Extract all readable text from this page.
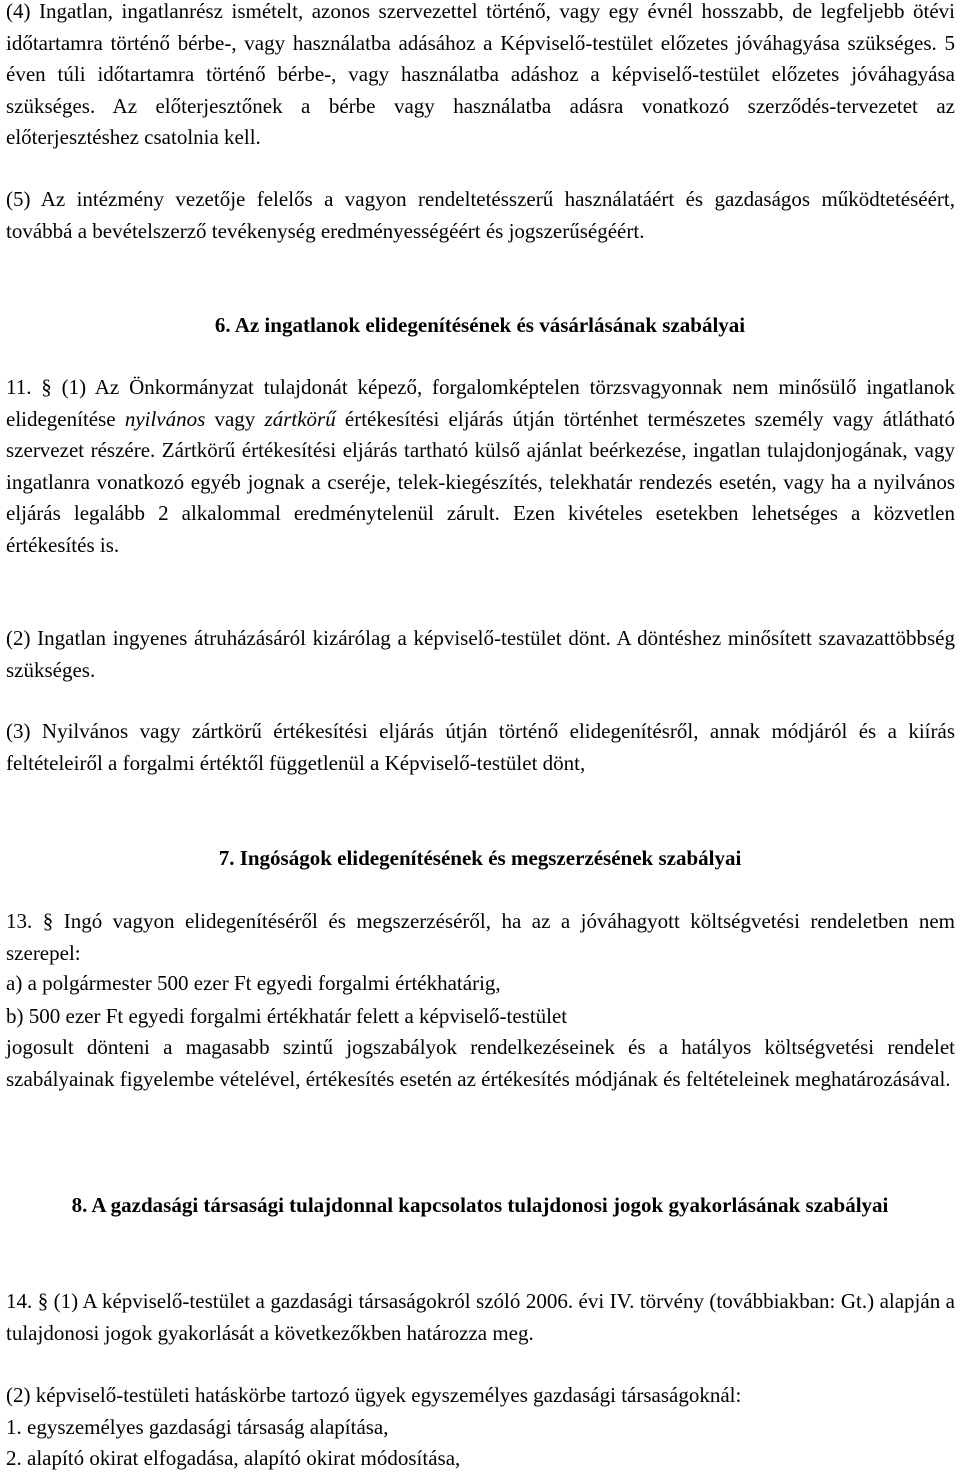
(4) Ingatlan, ingatlanrész ismételt, azonos szervezettel történő, vagy egy évnél hosszabb, de legfeljebb ötévi időtartamra történő bérbe-, vagy használatba adásához a Képviselő-testület előzetes jóváhagyása szükséges. 5 éven túli időtartamra történő bérbe-, vagy használatba adáshoz a képviselő-testület előzetes jóváhagyása szükséges. Az előterjesztőnek a bérbe vagy használatba adásra vonatkozó szerződés-tervezetet az előterjesztéshez csatolnia kell.

(5) Az intézmény vezetője felelős a vagyon rendeltetésszerű használatáért és gazdaságos működtetéséért, továbbá a bevételszerző tevékenység eredményességéért és jogszerűségéért.

6. Az ingatlanok elidegenítésének és vásárlásának szabályai

11. § (1) Az Önkormányzat tulajdonát képező, forgalomképtelen törzsvagyonnak nem minősülő ingatlanok elidegenítése nyilvános vagy zártkörű értékesítési eljárás útján történhet természetes személy vagy átlátható szervezet részére. Zártkörű értékesítési eljárás tartható külső ajánlat beérkezése, ingatlan tulajdonjogának, vagy ingatlanra vonatkozó egyéb jognak a cseréje, telek-kiegészítés, telekhatár rendezés esetén, vagy ha a nyilvános eljárás legalább 2 alkalommal eredménytelenül zárult. Ezen kivételes esetekben lehetséges a közvetlen értékesítés is.

(2) Ingatlan ingyenes átruházásáról kizárólag a képviselő-testület dönt. A döntéshez minősített szavazattöbbség szükséges.

(3) Nyilvános vagy zártkörű értékesítési eljárás útján történő elidegenítésről, annak módjáról és a kiírás feltételeiről a forgalmi értéktől függetlenül a Képviselő-testület dönt,

7. Ingóságok elidegenítésének és megszerzésének szabályai

13. § Ingó vagyon elidegenítéséről és megszerzéséről, ha az a jóváhagyott költségvetési rendeletben nem szerepel:

a) a polgármester 500 ezer Ft egyedi forgalmi értékhatárig,

b) 500 ezer Ft egyedi forgalmi értékhatár felett a képviselő-testület

jogosult dönteni a magasabb szintű jogszabályok rendelkezéseinek és a hatályos költségvetési rendelet szabályainak figyelembe vételével, értékesítés esetén az értékesítés módjának és feltételeinek meghatározásával.

8. A gazdasági társasági tulajdonnal kapcsolatos tulajdonosi jogok gyakorlásának szabályai

14. § (1) A képviselő-testület a gazdasági társaságokról szóló 2006. évi IV. törvény (továbbiakban: Gt.) alapján a tulajdonosi jogok gyakorlását a következőkben határozza meg.

(2) képviselő-testületi hatáskörbe tartozó ügyek egyszemélyes gazdasági társaságoknál:

1. egyszemélyes gazdasági társaság alapítása,

2. alapító okirat elfogadása, alapító okirat módosítása,
